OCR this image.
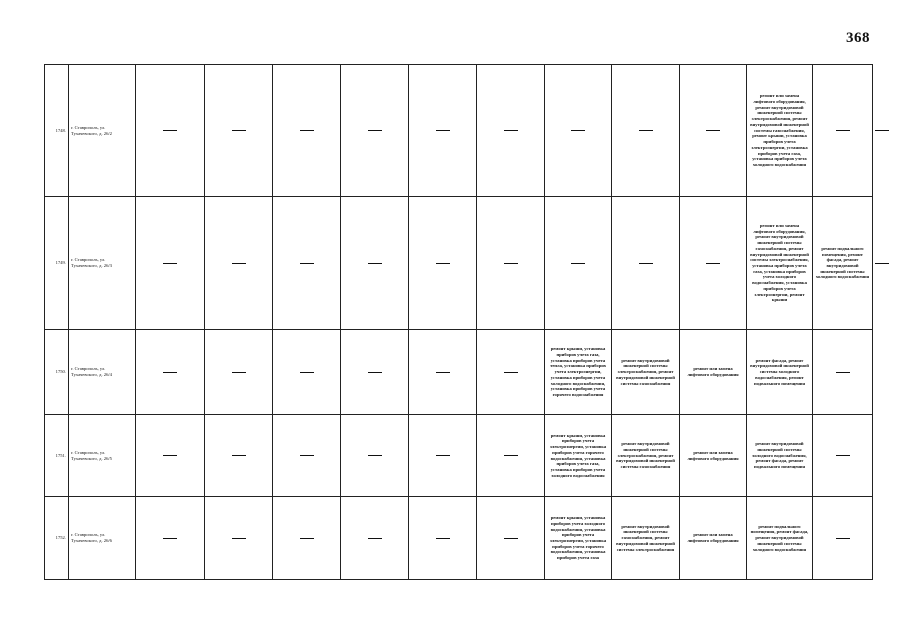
368
1748.	г. Ставрополь, ул. Тухачевского, д. 26/2										ремонт или замена лифтового оборудования, ремонт внутридомовой инженерной системы электроснабжения, ремонт внутридомовой инженерной системы газоснабжения, ремонт крыши, установка приборов учета электроэнергии, установка приборов учета газа, установка приборов учета холодного водоснабжения		
1749.	г. Ставрополь, ул. Тухачевского, д. 26/3										ремонт или замена лифтового оборудования, ремонт внутридомовой инженерной системы газоснабжения, ремонт внутридомовой инженерной системы электроснабжения, установка приборов учета газа, установка приборов учета холодного водоснабжения, установка приборов учета электроэнергии, ремонт крыши	ремонт подвального помещения, ремонт фасада, ремонт внутридомовой инженерной системы холодного водоснабжения	
1750.	г. Ставрополь, ул. Тухачевского, д. 26/4							ремонт крыши, установка приборов учета газа, установка приборов учета тепла, установка приборов учета электроэнергии, установка приборов учета холодного водоснабжения, установка приборов учета горячего водоснабжения	ремонт внутридомовой инженерной системы электроснабжения, ремонт внутридомовой инженерной системы газоснабжения	ремонт или замена лифтового оборудования	ремонт фасада, ремонт внутридомовой инженерной системы холодного водоснабжения, ремонт подвального помещения		
1751.	г. Ставрополь, ул. Тухачевского, д. 26/5							ремонт крыши, установка приборов учета электроэнергии, установка приборов учета горячего водоснабжения, установка приборов учета газа, установка приборов учета холодного водоснабжения	ремонт внутридомовой инженерной системы электроснабжения, ремонт внутридомовой инженерной системы газоснабжения	ремонт или замена лифтового оборудования	ремонт внутридомовой инженерной системы холодного водоснабжения, ремонт фасада, ремонт подвального помещения		
1752.	г. Ставрополь, ул. Тухачевского, д. 26/6							ремонт крыши, установка приборов учета холодного водоснабжения, установка приборов учета электроэнергии, установка приборов учета горячего водоснабжения, установка приборов учета газа	ремонт внутридомовой инженерной системы газоснабжения, ремонт внутридомовой инженерной системы электроснабжения	ремонт или замена лифтового оборудования	ремонт подвального помещения, ремонт фасада, ремонт внутридомовой инженерной системы холодного водоснабжения		
